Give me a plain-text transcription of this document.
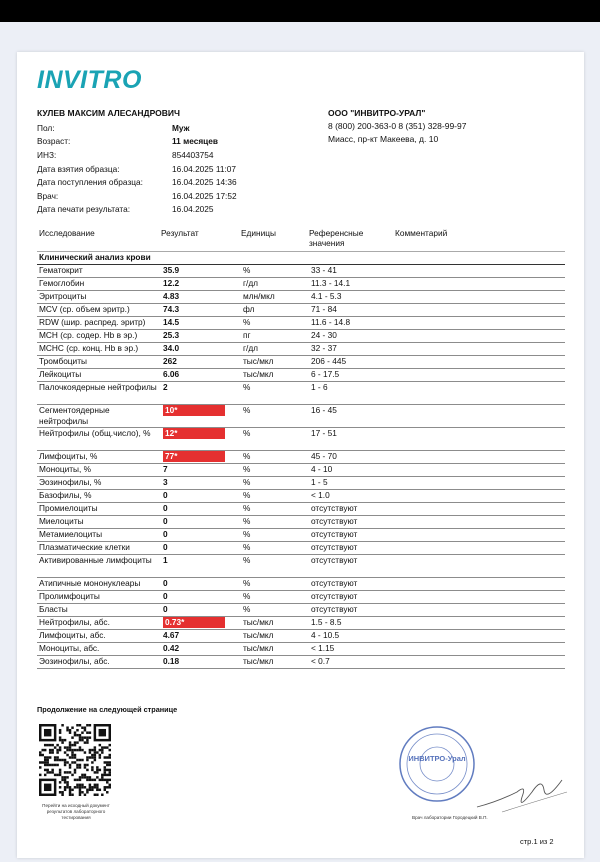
INVITRO
КУЛЕВ МАКСИМ АЛЕСАНДРОВИЧ
Пол:	Муж
Возраст:	11 месяцев
ИНЗ:	854403754
Дата взятия образца:	16.04.2025 11:07
Дата поступления образца:	16.04.2025 14:36
Врач:	16.04.2025 17:52
Дата печати результата:	16.04.2025
ООО "ИНВИТРО-УРАЛ"
8 (800) 200-363-0 8 (351) 328-99-97
Миасс, пр-кт Макеева, д. 10
Исследование	Результат	Единицы	Референсные
значения
Комментарий
Клинический анализ крови				
Гематокрит	35.9	%	33 - 41	
Гемоглобин	12.2	г/дл	11.3 - 14.1	
Эритроциты	4.83	млн/мкл	4.1 - 5.3	
MCV (ср. объем эритр.)	74.3	фл	71 - 84	
RDW (шир. распред. эритр)	14.5	%	11.6 - 14.8	
MCH (ср. содер. Hb в эр.)	25.3	пг	24 - 30	
MCHC (ср. конц. Hb в эр.)	34.0	г/дл	32 - 37	
Тромбоциты	262	тыс/мкл	206 - 445	
Лейкоциты	6.06	тыс/мкл	6 - 17.5	
Палочкоядерные нейтрофилы	2	%	1 - 6	
Сегментоядерные нейтрофилы	10*	%	16 - 45	
Нейтрофилы (общ.число), %	12*	%	17 - 51	
Лимфоциты, %	77*	%	45 - 70	
Моноциты, %	7	%	4 - 10	
Эозинофилы, %	3	%	1 - 5	
Базофилы, %	0	%	< 1.0	
Промиелоциты	0	%	отсутствуют	
Миелоциты	0	%	отсутствуют	
Метамиелоциты	0	%	отсутствуют	
Плазматические клетки	0	%	отсутствуют	
Активированные лимфоциты	1	%	отсутствуют	
Атипичные мононуклеары	0	%	отсутствуют	
Пролимфоциты	0	%	отсутствуют	
Бласты	0	%	отсутствуют	
Нейтрофилы, абс.	0.73*	тыс/мкл	1.5 - 8.5	
Лимфоциты, абс.	4.67	тыс/мкл	4 - 10.5	
Моноциты, абс.	0.42	тыс/мкл	< 1.15	
Эозинофилы, абс.	0.18	тыс/мкл	< 0.7	
Продолжение на следующей странице
Перейти на исходный документ результатов лабораторного тестирования
ИНВИТРО-Урал
Врач лаборатории Городецкий В.П.
стр.1 из 2
